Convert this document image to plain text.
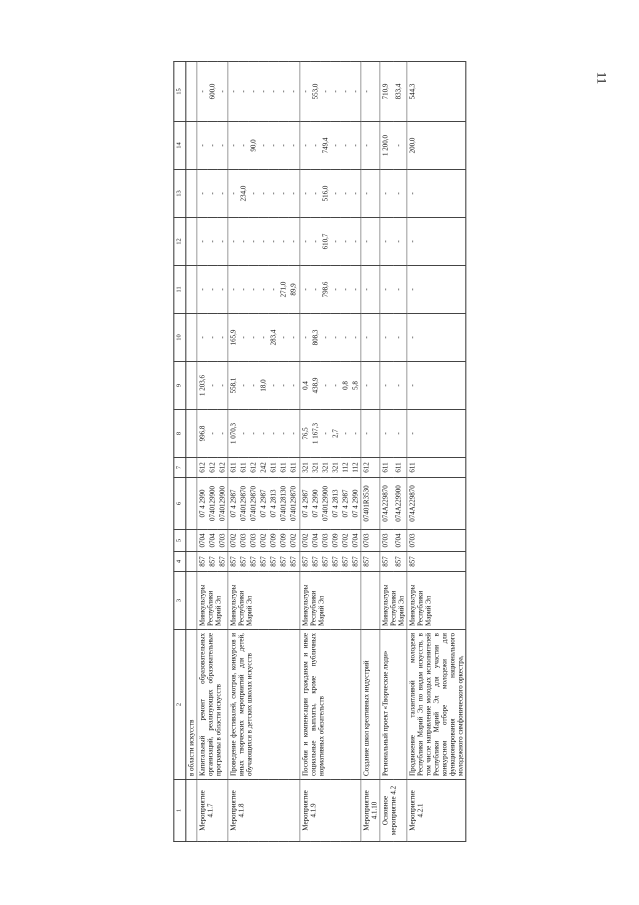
11
1	2	3	4	5	6	7	8	9	10	11	12	13	14	15
	в области искусств													
Мероприятие 4.1.7	Капитальный ремонт образовательных организаций, реализующих образовательные программы в области искусств	Минкультуры Республики Марий Эл	857	0704	07 4 2990	612	996,8	1 203,6	-	-	-	-	-	-
			857	0704	0740129900	612	-	-	-	-	-	-	-	600,0
			857	0703	0740129900	612	-	-	-	-	-	-	-	-
Мероприятие 4.1.8	Проведение фестивалей, смотров, конкурсов и иных творческих мероприятий для детей, обучающихся в детских школах искусств	Минкультуры Республики Марий Эл	857	0702	07 4 2987	611	1 070,3	558,1	165,9	-	-	-	-	-
			857	0703	0740129870	611	-	-	-	-	-	234,0	-	-
			857	0703	0740129870	612	-	-	-	-	-	-	90,0	-
			857	0702	07 4 2987	242	-	18,0	-	-	-	-	-	-
			857	0709	07 4 2813	611	-	-	283,4	-	-	-	-	-
			857	0709	0740128130	611	-	-	-	271,0	-	-	-	-
			857	0702	0740129870	611	-	-	-	89,9	-	-	-	-
Мероприятие 4.1.9	Пособия и компенсации гражданам и иные социальные выплаты, кроме публичных нормативных обязательств	Минкультуры Республики Марий Эл	857	0702	07 4 2987	321	76,5	0,4	-	-	-	-	-	-
			857	0704	07 4 2990	321	1 167,3	438,9	808,3	-	-	-	-	553,0
			857	0703	0740129900	321	-	-	-	798,6	610,7	516,0	749,4	-
			857	0709	07 4 2813	321	2,7	-	-	-	-	-	-	-
			857	0702	07 4 2987	112	-	0,8	-	-	-	-	-	-
			857	0704	07 4 2990	112	-	5,8	-	-	-	-	-	-
Мероприятие 4.1.10	Создание школ креативных индустрий		857	0703	07401R3530	612	-	-	-	-	-	-	-	-
Основное мероприятие 4.2	Региональный проект «Творческие люди»	Минкультуры Республики Марий Эл	857	0703	074A229870	611	-	-	-	-	-	-	1 200,0	710,9
			857	0704	074A229900	611	-	-	-	-	-	-	-	833,4
Мероприятие 4.2.1	Продвижение талантливой молодежи Республики Марий Эл по видам искусств, в том числе направление молодых исполнителей Республики Марий Эл для участия в конкурсном отборе молодежи для функционирования национального молодежного симфонического оркестра,	Минкультуры Республики Марий Эл	857	0703	074A229870	611	-	-	-	-	-	-	200,0	544,3
